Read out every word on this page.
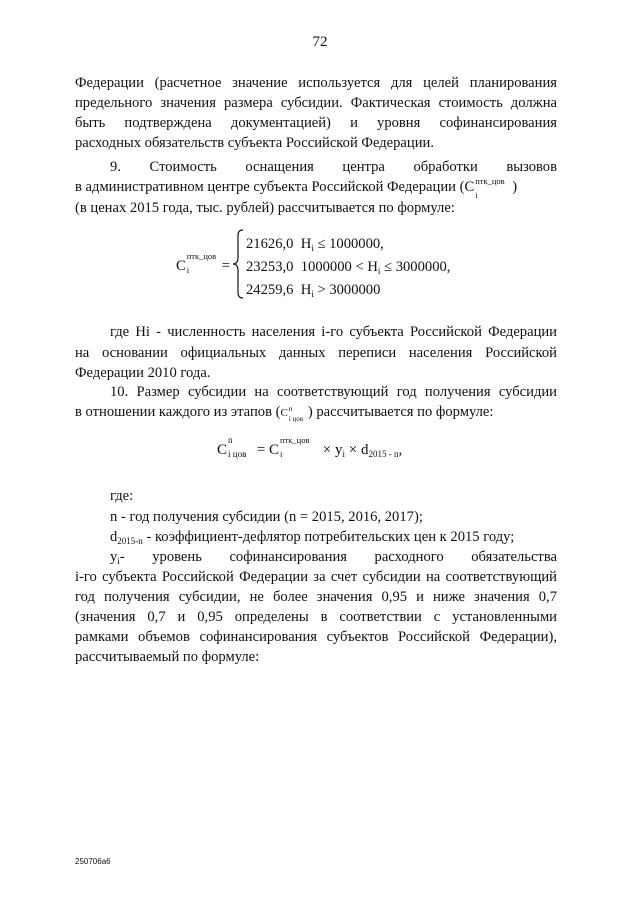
72
Федерации (расчетное значение используется для целей планирования
предельного значения размера субсидии. Фактическая стоимость должна
быть подтверждена документацией) и уровня софинансирования
расходных обязательств субъекта Российской Федерации.
9. Стоимость оснащения центра обработки вызовов
в административном центре субъекта Российской Федерации (C птк_цов
i )
(в ценах 2015 года, тыс. рублей) рассчитывается по формуле:
C
птк_цов
i =
21626,0 $Н_i \le 1000000$,
23253,0 $1000000 < Н_i \le 3000000$,
24259,6 $Н_i > 3000000$
где Нi - численность населения i-го субъекта Российской Федерации
на основании официальных данных переписи населения Российской
Федерации 2010 года.
10. Размер субсидии на соответствующий год получения субсидии
в отношении каждого из этапов (C n
i цов ) рассчитывается по формуле:
C
n
i цов = C
птк_цов
i	× $y_i \times d_{2015 - n}$,
где:
n - год получения субсидии (n = 2015, 2016, 2017);
$d_{2015-n}$ - коэффициент-дефлятор потребительских цен к 2015 году;
$y_i$ - уровень софинансирования расходного обязательства
i-го субъекта Российской Федерации за счет субсидии на соответствующий
год получения субсидии, не более значения 0,95 и ниже значения 0,7
(значения 0,7 и 0,95 определены в соответствии с установленными
рамками объемов софинансирования субъектов Российской Федерации),
рассчитываемый по формуле:
250706а6
